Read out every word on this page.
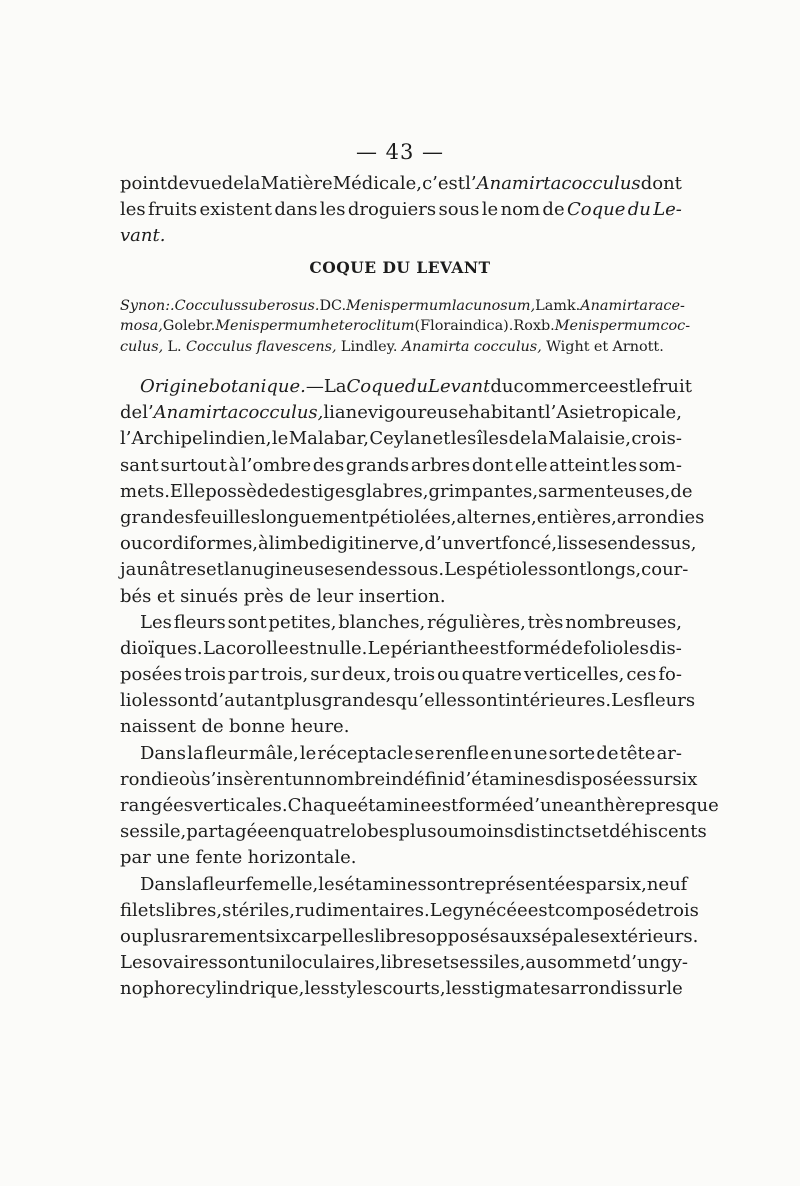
— 43 —
point de vue de la Matière Médicale, c’est l’ Anamirta cocculus dont
les fruits existent dans les droguiers sous le nom de Coque du Le-
vant.
COQUE DU LEVANT
Synon :. Cocculus suberosus. DC. Menispermum lacunosum, Lamk. Anamirta race-
mosa, Golebr. Menispermum heteroclitum (Flora indica). Roxb. Menispermum coc-
culus, L. Cocculus flavescens, Lindley. Anamirta cocculus, Wight et Arnott.
Origine botanique. — La Coque du Levant du commerce est le fruit
de l’ Anamirta cocculus, liane vigoureuse habitant l’Asie tropicale,
l’Archipel indien, le Malabar, Ceylan et les îles de la Malaisie, crois-
sant surtout à l’ombre des grands arbres dont elle atteint les som-
mets. Elle possède des tiges glabres, grimpantes, sarmenteuses, de
grandes feuilles longuement pétiolées, alternes, entières, arrondies
ou cordiformes, à limbe digitinerve, d’un vert foncé, lisses en dessus,
jaunâtres et lanugineuses en dessous. Les pétioles sont longs, cour-
bés et sinués près de leur insertion.
Les fleurs sont petites, blanches, régulières, très nombreuses,
dioïques. La corolle est nulle. Le périanthe est formé de folioles dis-
posées trois par trois, sur deux, trois ou quatre verticelles, ces fo-
lioles sont d’autant plus grandes qu’elles sont intérieures. Les fleurs
naissent de bonne heure.
Dans la fleur mâle, le réceptacle se renfle en une sorte de tête ar-
rondie où s’insèrent un nombre indéfini d’étamines disposées sur six
rangées verticales. Chaque étamine est formée d’une anthère presque
sessile, partagée en quatre lobes plus ou moins distincts et déhiscents
par une fente horizontale.
Dans la fleur femelle, les étamines sont représentées par six, neuf
filets libres, stériles, rudimentaires. Le gynécée est composé de trois
ou plus rarement six carpelles libres opposés aux sépales extérieurs.
Les ovaires sont uniloculaires, libres et sessiles, au sommet d’un gy-
nophore cylindrique, les styles courts, les stigmates arrondis sur le
